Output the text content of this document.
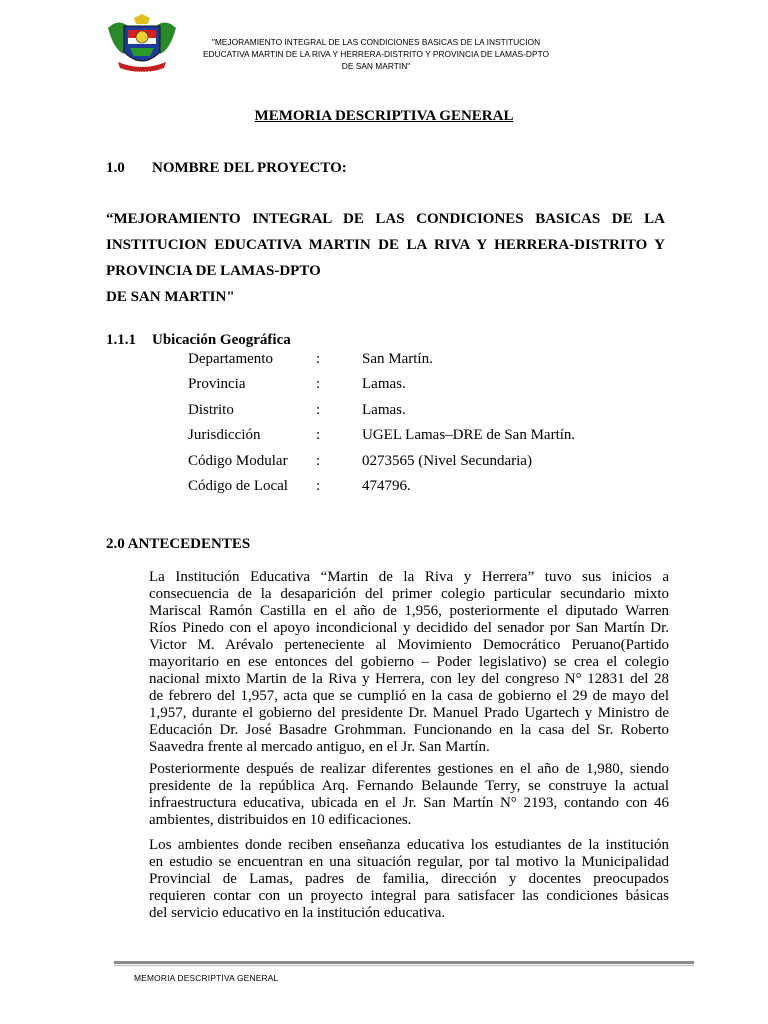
LAMAS
"MEJORAMIENTO INTEGRAL DE LAS CONDICIONES BASICAS DE LA INSTITUCION
EDUCATIVA MARTIN DE LA RIVA Y HERRERA-DISTRITO Y PROVINCIA DE LAMAS-DPTO
DE SAN MARTIN"
MEMORIA DESCRIPTIVA GENERAL
1.0 NOMBRE DEL PROYECTO:
“MEJORAMIENTO INTEGRAL DE LAS CONDICIONES BASICAS DE LA
INSTITUCION EDUCATIVA MARTIN DE LA RIVA Y HERRERA-DISTRITO Y
PROVINCIA DE LAMAS-DPTO
DE SAN MARTIN"
1.1.1 Ubicación Geográfica
Departamento	:	San Martín.
Provincia	:	Lamas.
Distrito	:	Lamas.
Jurisdicción	:	UGEL Lamas–DRE de San Martín.
Código Modular :	0273565 (Nivel Secundaria)
Código de Local :	474796.
2.0 ANTECEDENTES
La Institución Educativa “Martin de la Riva y Herrera” tuvo sus inicios a
consecuencia de la desaparición del primer colegio particular secundario mixto
Mariscal Ramón Castilla en el año de 1,956, posteriormente el diputado Warren
Ríos Pinedo con el apoyo incondicional y decidido del senador por San Martín Dr.
Victor M. Arévalo perteneciente al Movimiento Democrático Peruano(Partido
mayoritario en ese entonces del gobierno – Poder legislativo) se crea el colegio
nacional mixto Martin de la Riva y Herrera, con ley del congreso N° 12831 del 28
de febrero del 1,957, acta que se cumplió en la casa de gobierno el 29 de mayo del
1,957, durante el gobierno del presidente Dr. Manuel Prado Ugartech y Ministro de
Educación Dr. José Basadre Grohmman. Funcionando en la casa del Sr. Roberto
Saavedra frente al mercado antiguo, en el Jr. San Martín.
Posteriormente después de realizar diferentes gestiones en el año de 1,980, siendo
presidente de la república Arq. Fernando Belaunde Terry, se construye la actual
infraestructura educativa, ubicada en el Jr. San Martín N° 2193, contando con 46
ambientes, distribuidos en 10 edificaciones.
Los ambientes donde reciben enseñanza educativa los estudiantes de la institución
en estudio se encuentran en una situación regular, por tal motivo la Municipalidad
Provincial de Lamas, padres de familia, dirección y docentes preocupados
requieren contar con un proyecto integral para satisfacer las condiciones básicas
del servicio educativo en la institución educativa.
MEMORIA DESCRIPTIVA GENERAL
